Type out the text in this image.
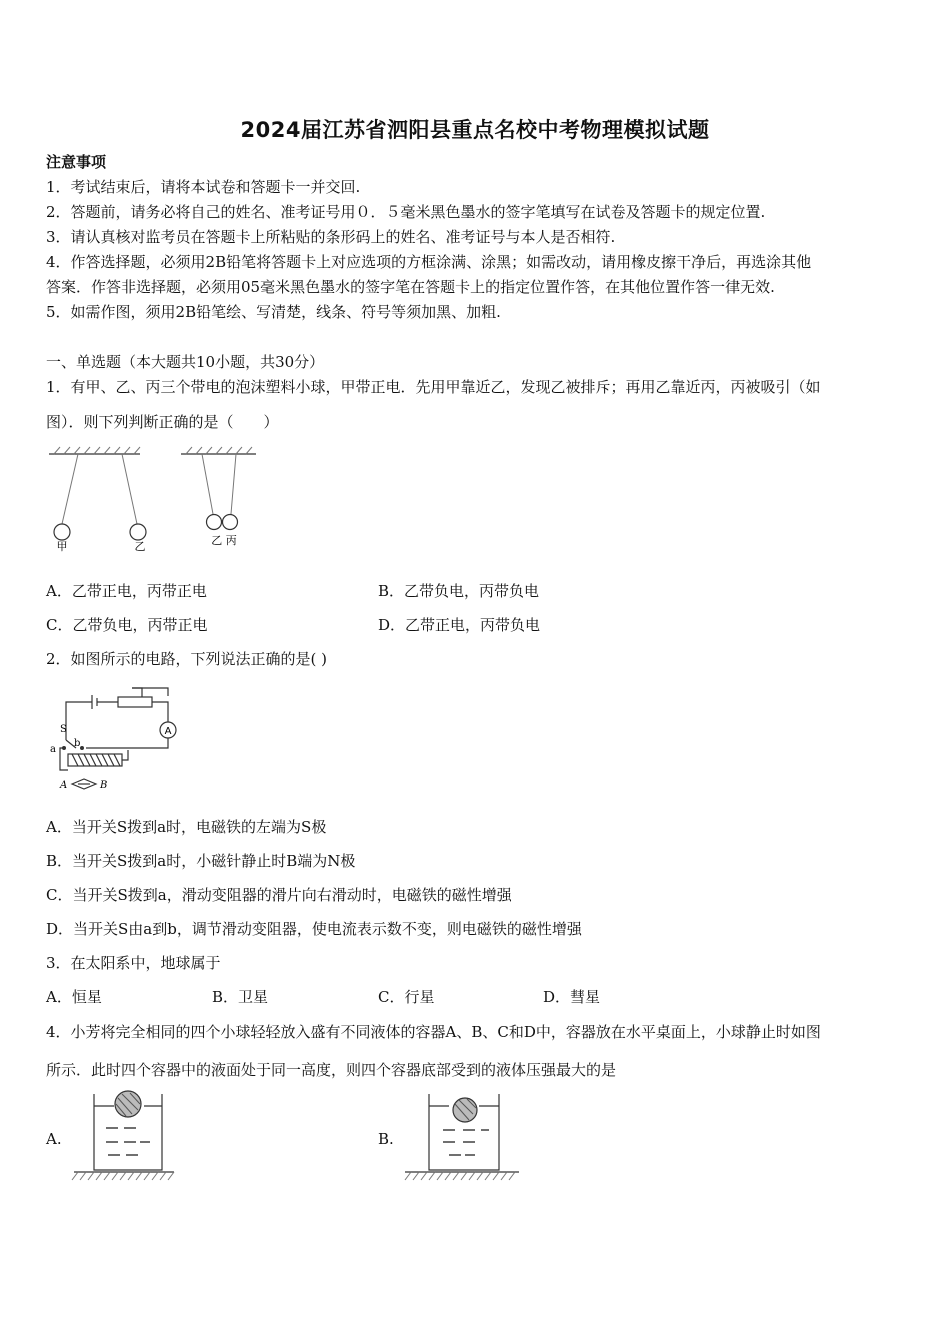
2024届江苏省泗阳县重点名校中考物理模拟试题
注意事项
1．考试结束后，请将本试卷和答题卡一并交回.
2．答题前，请务必将自己的姓名、准考证号用０．５毫米黑色墨水的签字笔填写在试卷及答题卡的规定位置.
3．请认真核对监考员在答题卡上所粘贴的条形码上的姓名、准考证号与本人是否相符.
4．作答选择题，必须用2B铅笔将答题卡上对应选项的方框涂满、涂黑；如需改动，请用橡皮擦干净后，再选涂其他
答案．作答非选择题，必须用05毫米黑色墨水的签字笔在答题卡上的指定位置作答，在其他位置作答一律无效.
5．如需作图，须用2B铅笔绘、写清楚，线条、符号等须加黑、加粗.
一、单选题（本大题共10小题，共30分）
1．有甲、乙、丙三个带电的泡沫塑料小球，甲带正电．先用甲靠近乙，发现乙被排斥；再用乙靠近丙，丙被吸引（如
图）．则下列判断正确的是（　　）
甲	乙	乙 丙
A．乙带正电，丙带正电	B．乙带负电，丙带负电
C．乙带负电，丙带正电	D．乙带正电，丙带负电
2．如图所示的电路，下列说法正确的是( )
A
S
a
b
A	B
A．当开关S拨到a时，电磁铁的左端为S极
B．当开关S拨到a时，小磁针静止时B端为N极
C．当开关S拨到a，滑动变阻器的滑片向右滑动时，电磁铁的磁性增强
D．当开关S由a到b，调节滑动变阻器，使电流表示数不变，则电磁铁的磁性增强
3．在太阳系中，地球属于
A．恒星	B．卫星	C．行星	D．彗星
4．小芳将完全相同的四个小球轻轻放入盛有不同液体的容器A、B、C和D中，容器放在水平桌面上，小球静止时如图
所示．此时四个容器中的液面处于同一高度，则四个容器底部受到的液体压强最大的是
A.	B.
